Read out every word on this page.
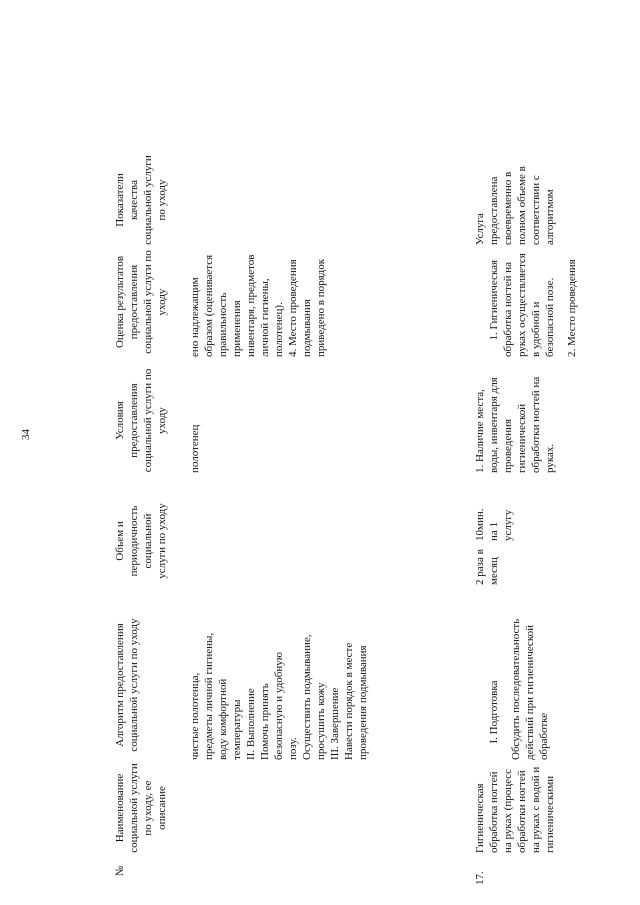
34
№
Наименование социальной услуги по уходу, ее описание
Алгоритм предоставления социальной услуги по уходу
Объем и периодичность социальной услуги по уходу
Условия предоставления социальной услуги по уходу
Оценка результатов предоставления социальной услуги по уходу
Показатели качества социальной услуги по уходу
чистые полотенца, предметы личной гигиены, воду комфортной температуры II. Выполнение Помочь принять безопасную и удобную позу. Осуществить подмывание, просушить кожу III. Завершение Навести порядок в месте проведения подмывания
полотенец
ено надлежащим образом (оценивается правильность применения инвентаря, предметов личной гигиены, полотенец). 4. Место проведения подмывания приведено в порядок
17.
Гигиеническая обработка ногтей на руках (процесс обработки ногтей на руках с водой и гигиеническими

I. Подготовка Обсудить последовательность действий при гигиенической обработке

2 раза в месяц
10мин. на 1 услугу
1. Наличие места, воды, инвентаря для проведения гигиенической обработки ногтей на руках.

1. Гигиеническая обработка ногтей на руках осуществляется в удобной и безопасной позе. 2. Место проведения

Услуга предоставлена своевременно в полном объеме в соответствии с алгоритмом
